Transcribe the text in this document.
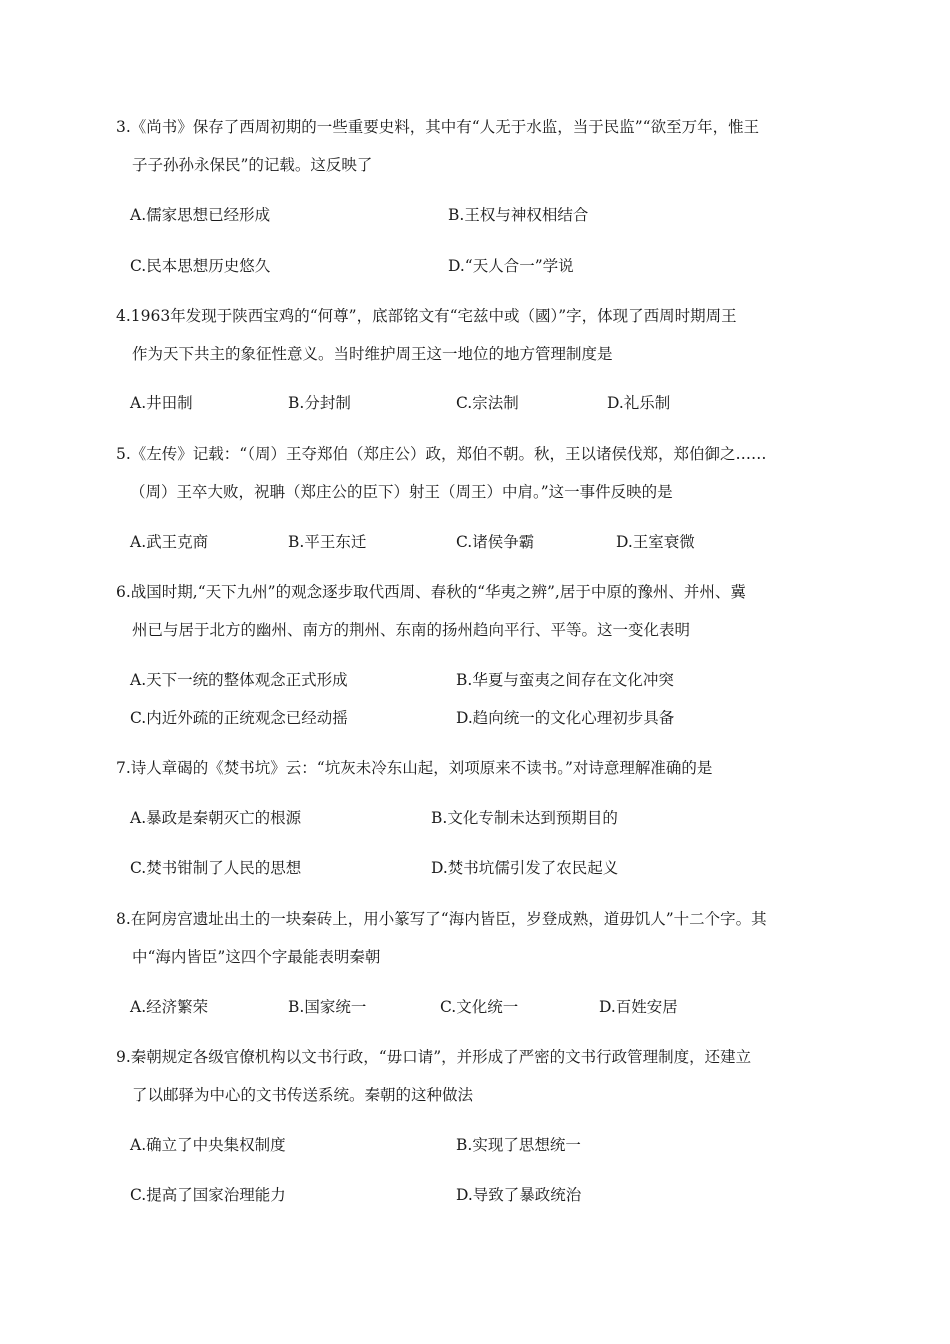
3.《尚书》保存了西周初期的一些重要史料，其中有“人无于水监，当于民监”“欲至万年，惟王
子子孙孙永保民”的记载。这反映了

A.儒家思想已经形成	B.王权与神权相结合
C.民本思想历史悠久	D.“天人合一”学说

4.1963年发现于陕西宝鸡的“何尊”，底部铭文有“宅兹中或（國）”字，体现了西周时期周王
作为天下共主的象征性意义。当时维护周王这一地位的地方管理制度是

A.井田制	B.分封制	C.宗法制	D.礼乐制

5.《左传》记载：“（周）王夺郑伯（郑庄公）政，郑伯不朝。秋，王以诸侯伐郑，郑伯御之……
（周）王卒大败，祝聃（郑庄公的臣下）射王（周王）中肩。”这一事件反映的是

A.武王克商	B.平王东迁	C.诸侯争霸	D.王室衰微

6.战国时期,“天下九州”的观念逐步取代西周、春秋的“华夷之辨”,居于中原的豫州、并州、冀
州已与居于北方的幽州、南方的荆州、东南的扬州趋向平行、平等。这一变化表明

A.天下一统的整体观念正式形成	B.华夏与蛮夷之间存在文化冲突
C.内近外疏的正统观念已经动摇	D.趋向统一的文化心理初步具备

7.诗人章碣的《焚书坑》云：“坑灰未冷东山起，刘项原来不读书。”对诗意理解准确的是

A.暴政是秦朝灭亡的根源	B.文化专制未达到预期目的
C.焚书钳制了人民的思想	D.焚书坑儒引发了农民起义

8.在阿房宫遗址出土的一块秦砖上，用小篆写了“海内皆臣，岁登成熟，道毋饥人”十二个字。其
中“海内皆臣”这四个字最能表明秦朝

A.经济繁荣	B.国家统一	C.文化统一	D.百姓安居

9.秦朝规定各级官僚机构以文书行政，“毋口请”，并形成了严密的文书行政管理制度，还建立
了以邮驿为中心的文书传送系统。秦朝的这种做法

A.确立了中央集权制度	B.实现了思想统一
C.提高了国家治理能力	D.导致了暴政统治
